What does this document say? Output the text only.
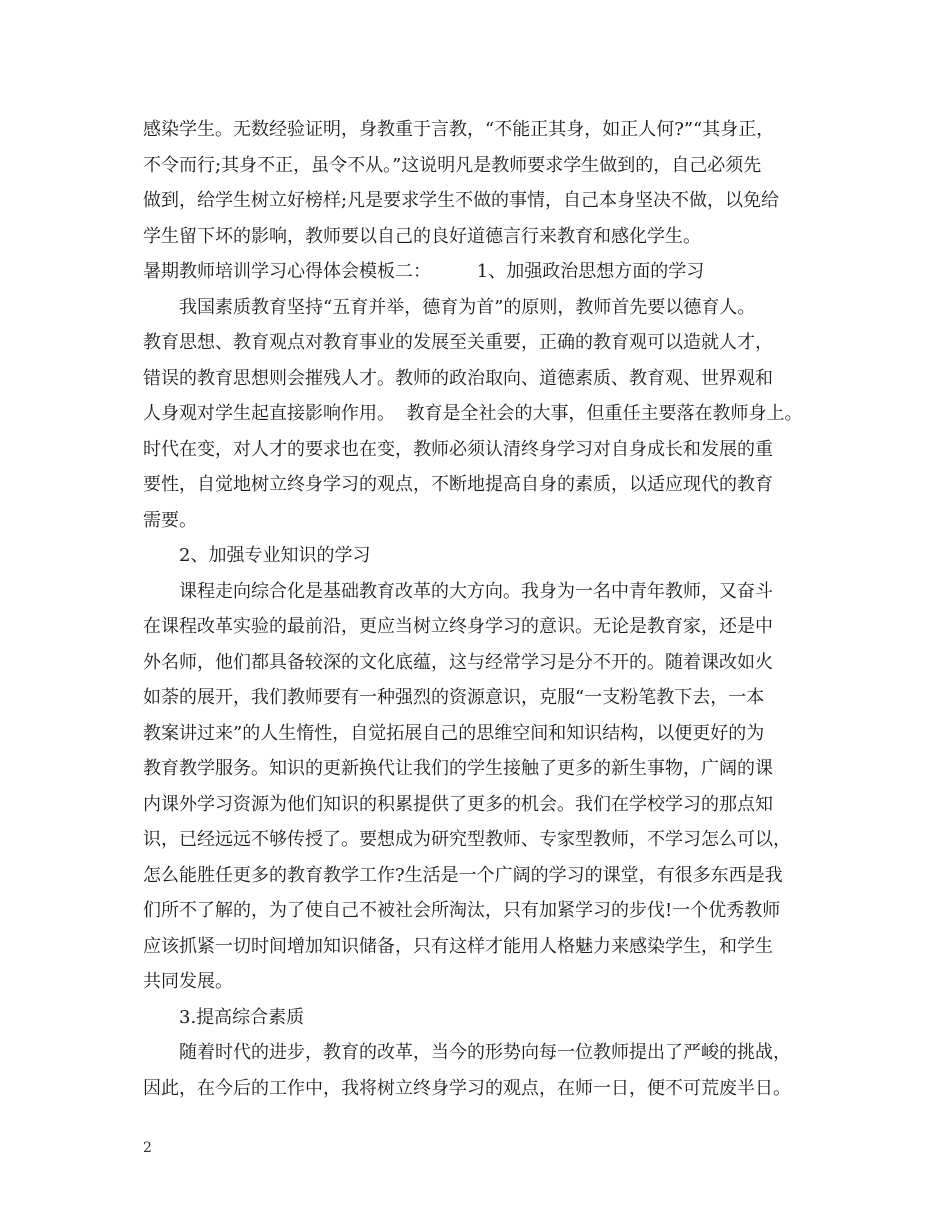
感染学生。无数经验证明，身教重于言教，“不能正其身，如正人何?”“其身正，
不令而行;其身不正，虽令不从。”这说明凡是教师要求学生做到的，自己必须先
做到，给学生树立好榜样;凡是要求学生不做的事情，自己本身坚决不做，以免给
学生留下坏的影响，教师要以自己的良好道德言行来教育和感化学生。
暑期教师培训学习心得体会模板二：        1、加强政治思想方面的学习
我国素质教育坚持“五育并举，德育为首”的原则，教师首先要以德育人。
教育思想、教育观点对教育事业的发展至关重要，正确的教育观可以造就人才，
错误的教育思想则会摧残人才。教师的政治取向、道德素质、教育观、世界观和
人身观对学生起直接影响作用。  教育是全社会的大事，但重任主要落在教师身上。
时代在变，对人才的要求也在变，教师必须认清终身学习对自身成长和发展的重
要性，自觉地树立终身学习的观点，不断地提高自身的素质，以适应现代的教育
需要。
2、加强专业知识的学习
课程走向综合化是基础教育改革的大方向。我身为一名中青年教师，又奋斗
在课程改革实验的最前沿，更应当树立终身学习的意识。无论是教育家，还是中
外名师，他们都具备较深的文化底蕴，这与经常学习是分不开的。随着课改如火
如荼的展开，我们教师要有一种强烈的资源意识，克服“一支粉笔教下去，一本
教案讲过来”的人生惰性，自觉拓展自己的思维空间和知识结构，以便更好的为
教育教学服务。知识的更新换代让我们的学生接触了更多的新生事物，广阔的课
内课外学习资源为他们知识的积累提供了更多的机会。我们在学校学习的那点知
识，已经远远不够传授了。要想成为研究型教师、专家型教师，不学习怎么可以，
怎么能胜任更多的教育教学工作?生活是一个广阔的学习的课堂，有很多东西是我
们所不了解的，为了使自己不被社会所淘汰，只有加紧学习的步伐!一个优秀教师
应该抓紧一切时间增加知识储备，只有这样才能用人格魅力来感染学生，和学生
共同发展。
3.提高综合素质
随着时代的进步，教育的改革，当今的形势向每一位教师提出了严峻的挑战，
因此，在今后的工作中，我将树立终身学习的观点，在师一日，便不可荒废半日。
2
